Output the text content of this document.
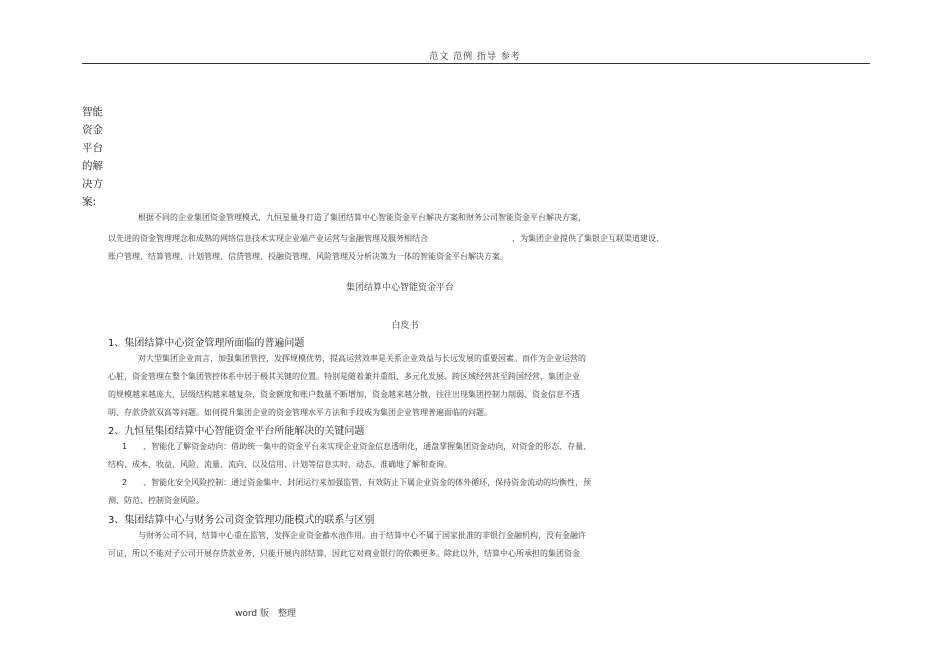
范文 范例 指导 参考
智能资金平台的解决方案:
根据不同的企业集团资金管理模式，九恒星量身打造了集团结算中心智能资金平台解决方案和财务公司智能资金平台解决方案，
以先进的资金管理理念和成熟的网络信息技术实现企业端产业运营与金融管理及服务相结合	，为集团企业提供了集银企互联渠道建设、
账户管理、结算管理、计划管理、信贷管理、投融资管理、风险管理及分析决策为一体的智能资金平台解决方案。
集团结算中心智能资金平台
白皮书
1、集团结算中心资金管理所面临的普遍问题
对大型集团企业而言，加强集团管控，发挥规模优势，提高运营效率是关系企业效益与长远发展的重要因素。而作为企业运营的
心脏，资金管理在整个集团管控体系中居于极其关键的位置。特别是随着兼并重组、多元化发展、跨区域经营甚至跨国经营，集团企业
的规模越来越庞大，层级结构越来越复杂，资金额度和账户数量不断增加，资金越来越分散，往往出现集团控制力削弱、资金信息不透
明、存款贷款双高等问题。如何提升集团企业的资金管理水平方法和手段成为集团企业管理普遍面临的问题。
2、九恒星集团结算中心智能资金平台所能解决的关键问题
1　　、智能化了解资金动向：借助统一集中的资金平台来实现企业资金信息透明化，通盘掌握集团资金动向，对资金的形态、存量、
结构、成本、收益、风险、流量、流向、以及信用、计划等信息实时、动态、准确地了解和查询。
2　　、智能化安全风险控制：通过资金集中、封闭运行来加强监管，有效防止下属企业资金的体外循环，保持资金流动的均衡性，预
测、防范、控制资金风险。
3、集团结算中心与财务公司资金管理功能模式的联系与区别
与财务公司不同，结算中心重在监管，发挥企业资金蓄水池作用。由于结算中心不属于国家批准的非银行金融机构，没有金融许
可证，所以不能对子公司开展存贷款业务，只能开展内部结算，因此它对商业银行的依赖更多。除此以外，结算中心所承担的集团资金
word 版　整理
